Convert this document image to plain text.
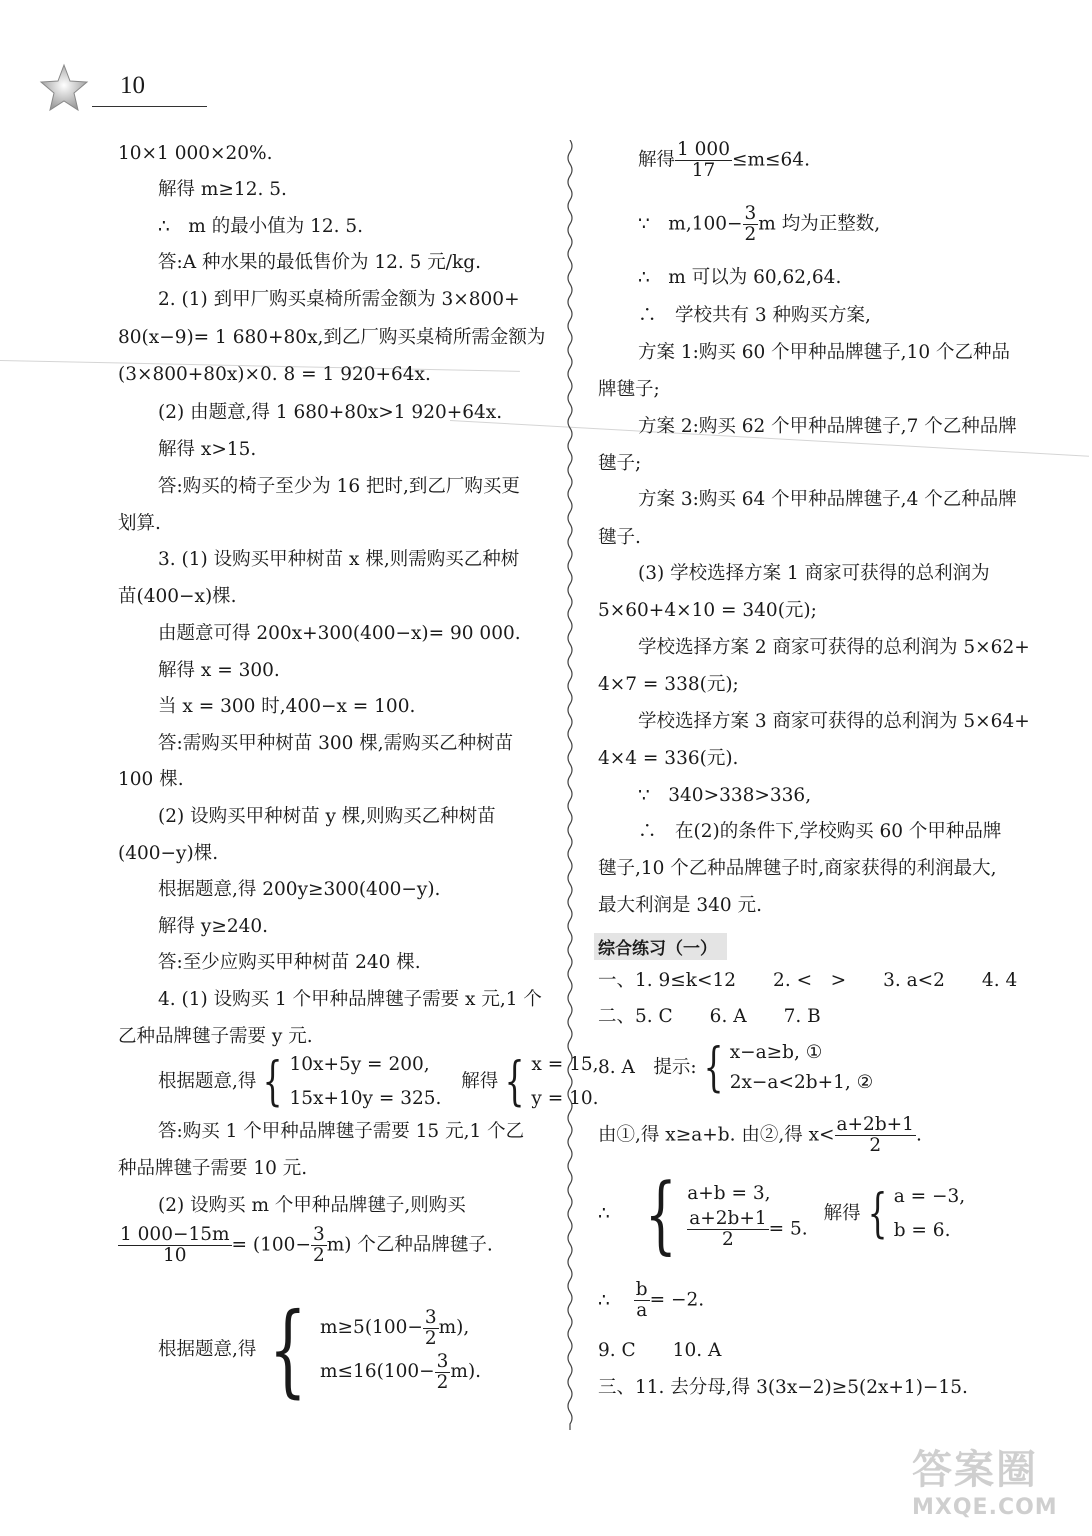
10
10×1 000×20%.
解得 m≥12. 5.
∴　m 的最小值为 12. 5.
答:A 种水果的最低售价为 12. 5 元/kg.
2. (1) 到甲厂购买桌椅所需金额为 3×800+
80(x−9)= 1 680+80x,到乙厂购买桌椅所需金额为
(3×800+80x)×0. 8 = 1 920+64x.
(2) 由题意,得 1 680+80x>1 920+64x.
解得 x>15.
答:购买的椅子至少为 16 把时,到乙厂购买更
划算.
3. (1) 设购买甲种树苗 x 棵,则需购买乙种树
苗(400−x)棵.
由题意可得 200x+300(400−x)= 90 000.
解得 x = 300.
当 x = 300 时,400−x = 100.
答:需购买甲种树苗 300 棵,需购买乙种树苗
100 棵.
(2) 设购买甲种树苗 y 棵,则购买乙种树苗
(400−y)棵.
根据题意,得 200y≥300(400−y).
解得 y≥240.
答:至少应购买甲种树苗 240 棵.
4. (1) 设购买 1 个甲种品牌毽子需要 x 元,1 个
乙种品牌毽子需要 y 元.
根据题意,得 { 10x+5y = 200,
15x+10y = 325.
解得 { x = 15,
y = 10.
答:购买 1 个甲种品牌毽子需要 15 元,1 个乙
种品牌毽子需要 10 元.
(2) 设购买 m 个甲种品牌毽子,则购买
$\frac{1 000-15m}{10} = (100- \frac{3}{2} m)$ 个乙种品牌毽子.
根据题意,得 { $m\ge 5(100- \frac{3}{2} m)$,
$m\le 16(100- \frac{3}{2} m)$.
解得 $\frac{1 000}{17} \le m\le 64$.
∵　$m,100- \frac{3}{2}$ m 均为正整数,
∴　m 可以为 60,62,64.
∴　学校共有 3 种购买方案,
方案 1:购买 60 个甲种品牌毽子,10 个乙种品
牌毽子;
方案 2:购买 62 个甲种品牌毽子,7 个乙种品牌
毽子;
方案 3:购买 64 个甲种品牌毽子,4 个乙种品牌
毽子.
(3) 学校选择方案 1 商家可获得的总利润为
5×60+4×10 = 340(元);
学校选择方案 2 商家可获得的总利润为 5×62+
4×7 = 338(元);
学校选择方案 3 商家可获得的总利润为 5×64+
4×4 = 336(元).
∵　340>338>336,
∴　在(2)的条件下,学校购买 60 个甲种品牌
毽子,10 个乙种品牌毽子时,商家获得的利润最大,
最大利润是 340 元.
综合练习（一）
一、1. 9≤k<12　　2. <　>　　3. a<2　　4. 4
二、5. C　　6. A　　7. B
8. A　提示: { x−a≥b, ①
2x−a<2b+1, ②
由①,得 x≥a+b. 由②,得 $x< \frac{a+2b+1}{2}$ .
∴ { a+b = 3,
$\frac{a+2b+1}{2} = 5$.
解得 { a = −3,
b = 6.
∴ $\frac{b}{a} = -2$.
9. C　　10. A
三、11. 去分母,得 3(3x−2)≥5(2x+1)−15.
答案圈
MXQE.COM
